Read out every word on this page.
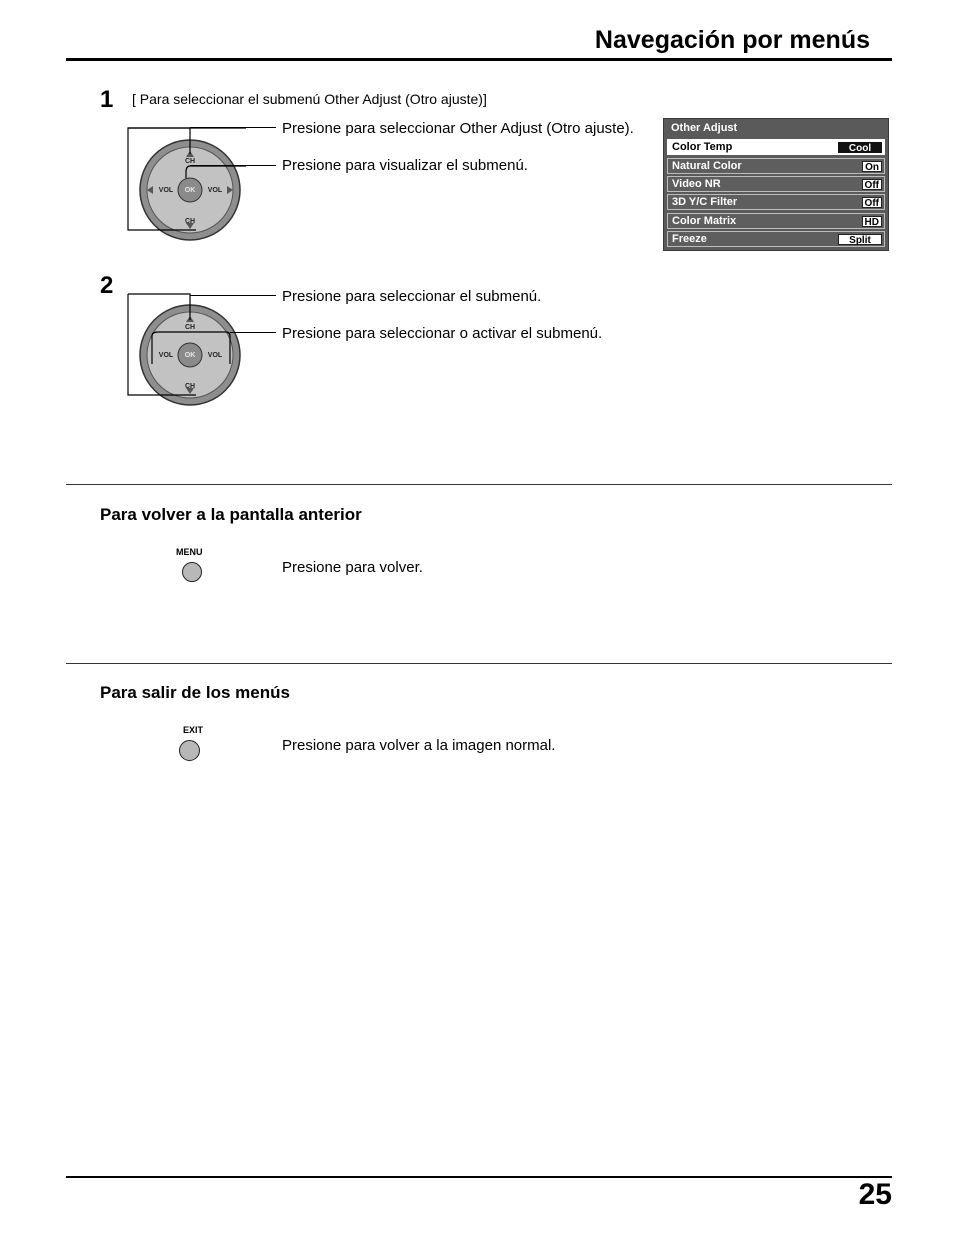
Navegación por menús
1 [ Para seleccionar el submenú Other Adjust (Otro ajuste)]
Presione para seleccionar Other Adjust (Otro ajuste).
Presione para visualizar el submenú.
CH
CH
VOL	VOL
OK
Other Adjust
Color Temp	Cool
Natural Color	On
Video NR	Off
3D Y/C Filter	Off
Color Matrix	HD
Freeze	Split
2	Presione para seleccionar el submenú.
Presione para seleccionar o activar el submenú.
CH
CH
VOL	VOL
OK
Para volver a la pantalla anterior
MENU
Presione para volver.
Para salir de los menús
EXIT
Presione para volver a la imagen normal.
25
